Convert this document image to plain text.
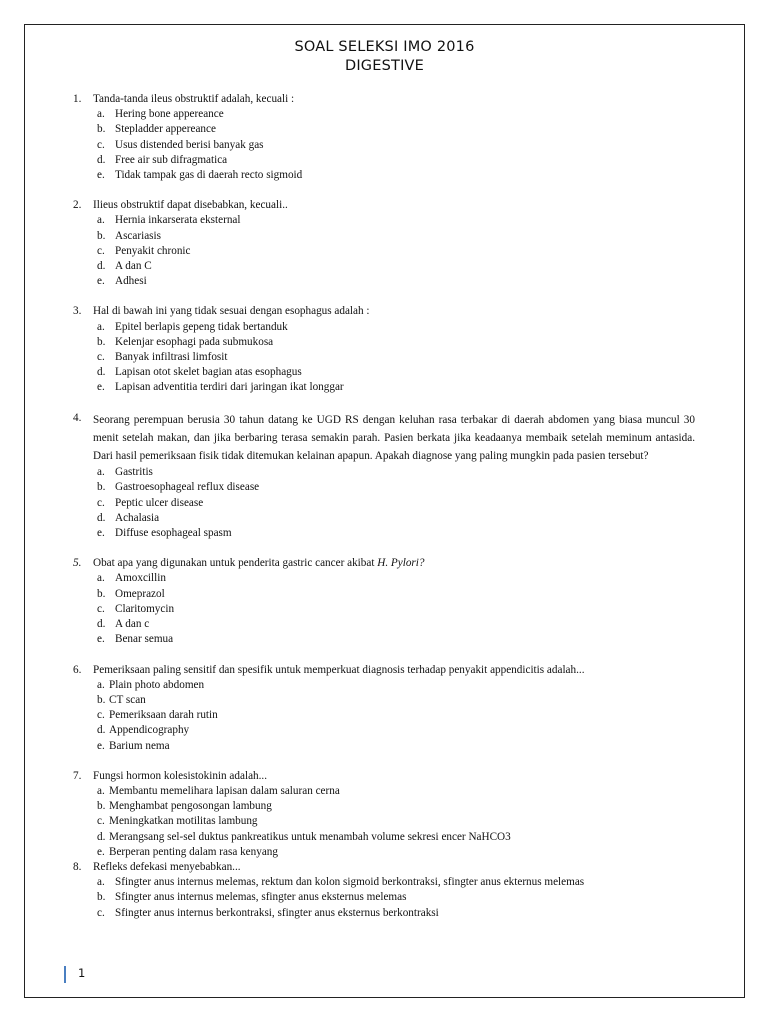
SOAL SELEKSI IMO 2016
DIGESTIVE
1.	Tanda-tanda ileus obstruktif adalah, kecuali :
a. Hering bone appereance
b. Stepladder appereance
c. Usus distended berisi banyak gas
d. Free air sub difragmatica
e. Tidak tampak gas di daerah recto sigmoid
2.	Ilieus obstruktif dapat disebabkan, kecuali..
a. Hernia inkarserata eksternal
b. Ascariasis
c. Penyakit chronic
d. A dan C
e. Adhesi
3.	Hal di bawah ini yang tidak sesuai dengan esophagus adalah :
a. Epitel berlapis gepeng tidak bertanduk
b. Kelenjar esophagi pada submukosa
c. Banyak infiltrasi limfosit
d. Lapisan otot skelet bagian atas esophagus
e. Lapisan adventitia terdiri dari jaringan ikat longgar
4.	Seorang perempuan berusia 30 tahun datang ke UGD RS dengan keluhan rasa terbakar di daerah abdomen yang biasa muncul 30 menit setelah makan, dan jika berbaring terasa semakin parah. Pasien berkata jika keadaanya membaik setelah meminum antasida. Dari hasil pemeriksaan fisik tidak ditemukan kelainan apapun. Apakah diagnose yang paling mungkin pada pasien tersebut?
a. Gastritis
b. Gastroesophageal reflux disease
c. Peptic ulcer disease
d. Achalasia
e. Diffuse esophageal spasm
5.	Obat apa yang digunakan untuk penderita gastric cancer akibat H. Pylori?
a. Amoxcillin
b. Omeprazol
c. Claritomycin
d. A dan c
e. Benar semua
6.	Pemeriksaan paling sensitif dan spesifik untuk memperkuat diagnosis terhadap penyakit appendicitis adalah...
a. Plain photo abdomen
b. CT scan
c. Pemeriksaan darah rutin
d. Appendicography
e. Barium nema
7.	Fungsi hormon kolesistokinin adalah...
a. Membantu memelihara lapisan dalam saluran cerna
b. Menghambat pengosongan lambung
c. Meningkatkan motilitas lambung
d. Merangsang sel-sel duktus pankreatikus untuk menambah volume sekresi encer NaHCO3
e. Berperan penting dalam rasa kenyang
8.	Refleks defekasi menyebabkan...
a. Sfingter anus internus melemas, rektum dan kolon sigmoid berkontraksi, sfingter anus ekternus melemas
b. Sfingter anus internus melemas, sfingter anus eksternus melemas
c. Sfingter anus internus berkontraksi, sfingter anus eksternus berkontraksi
1
